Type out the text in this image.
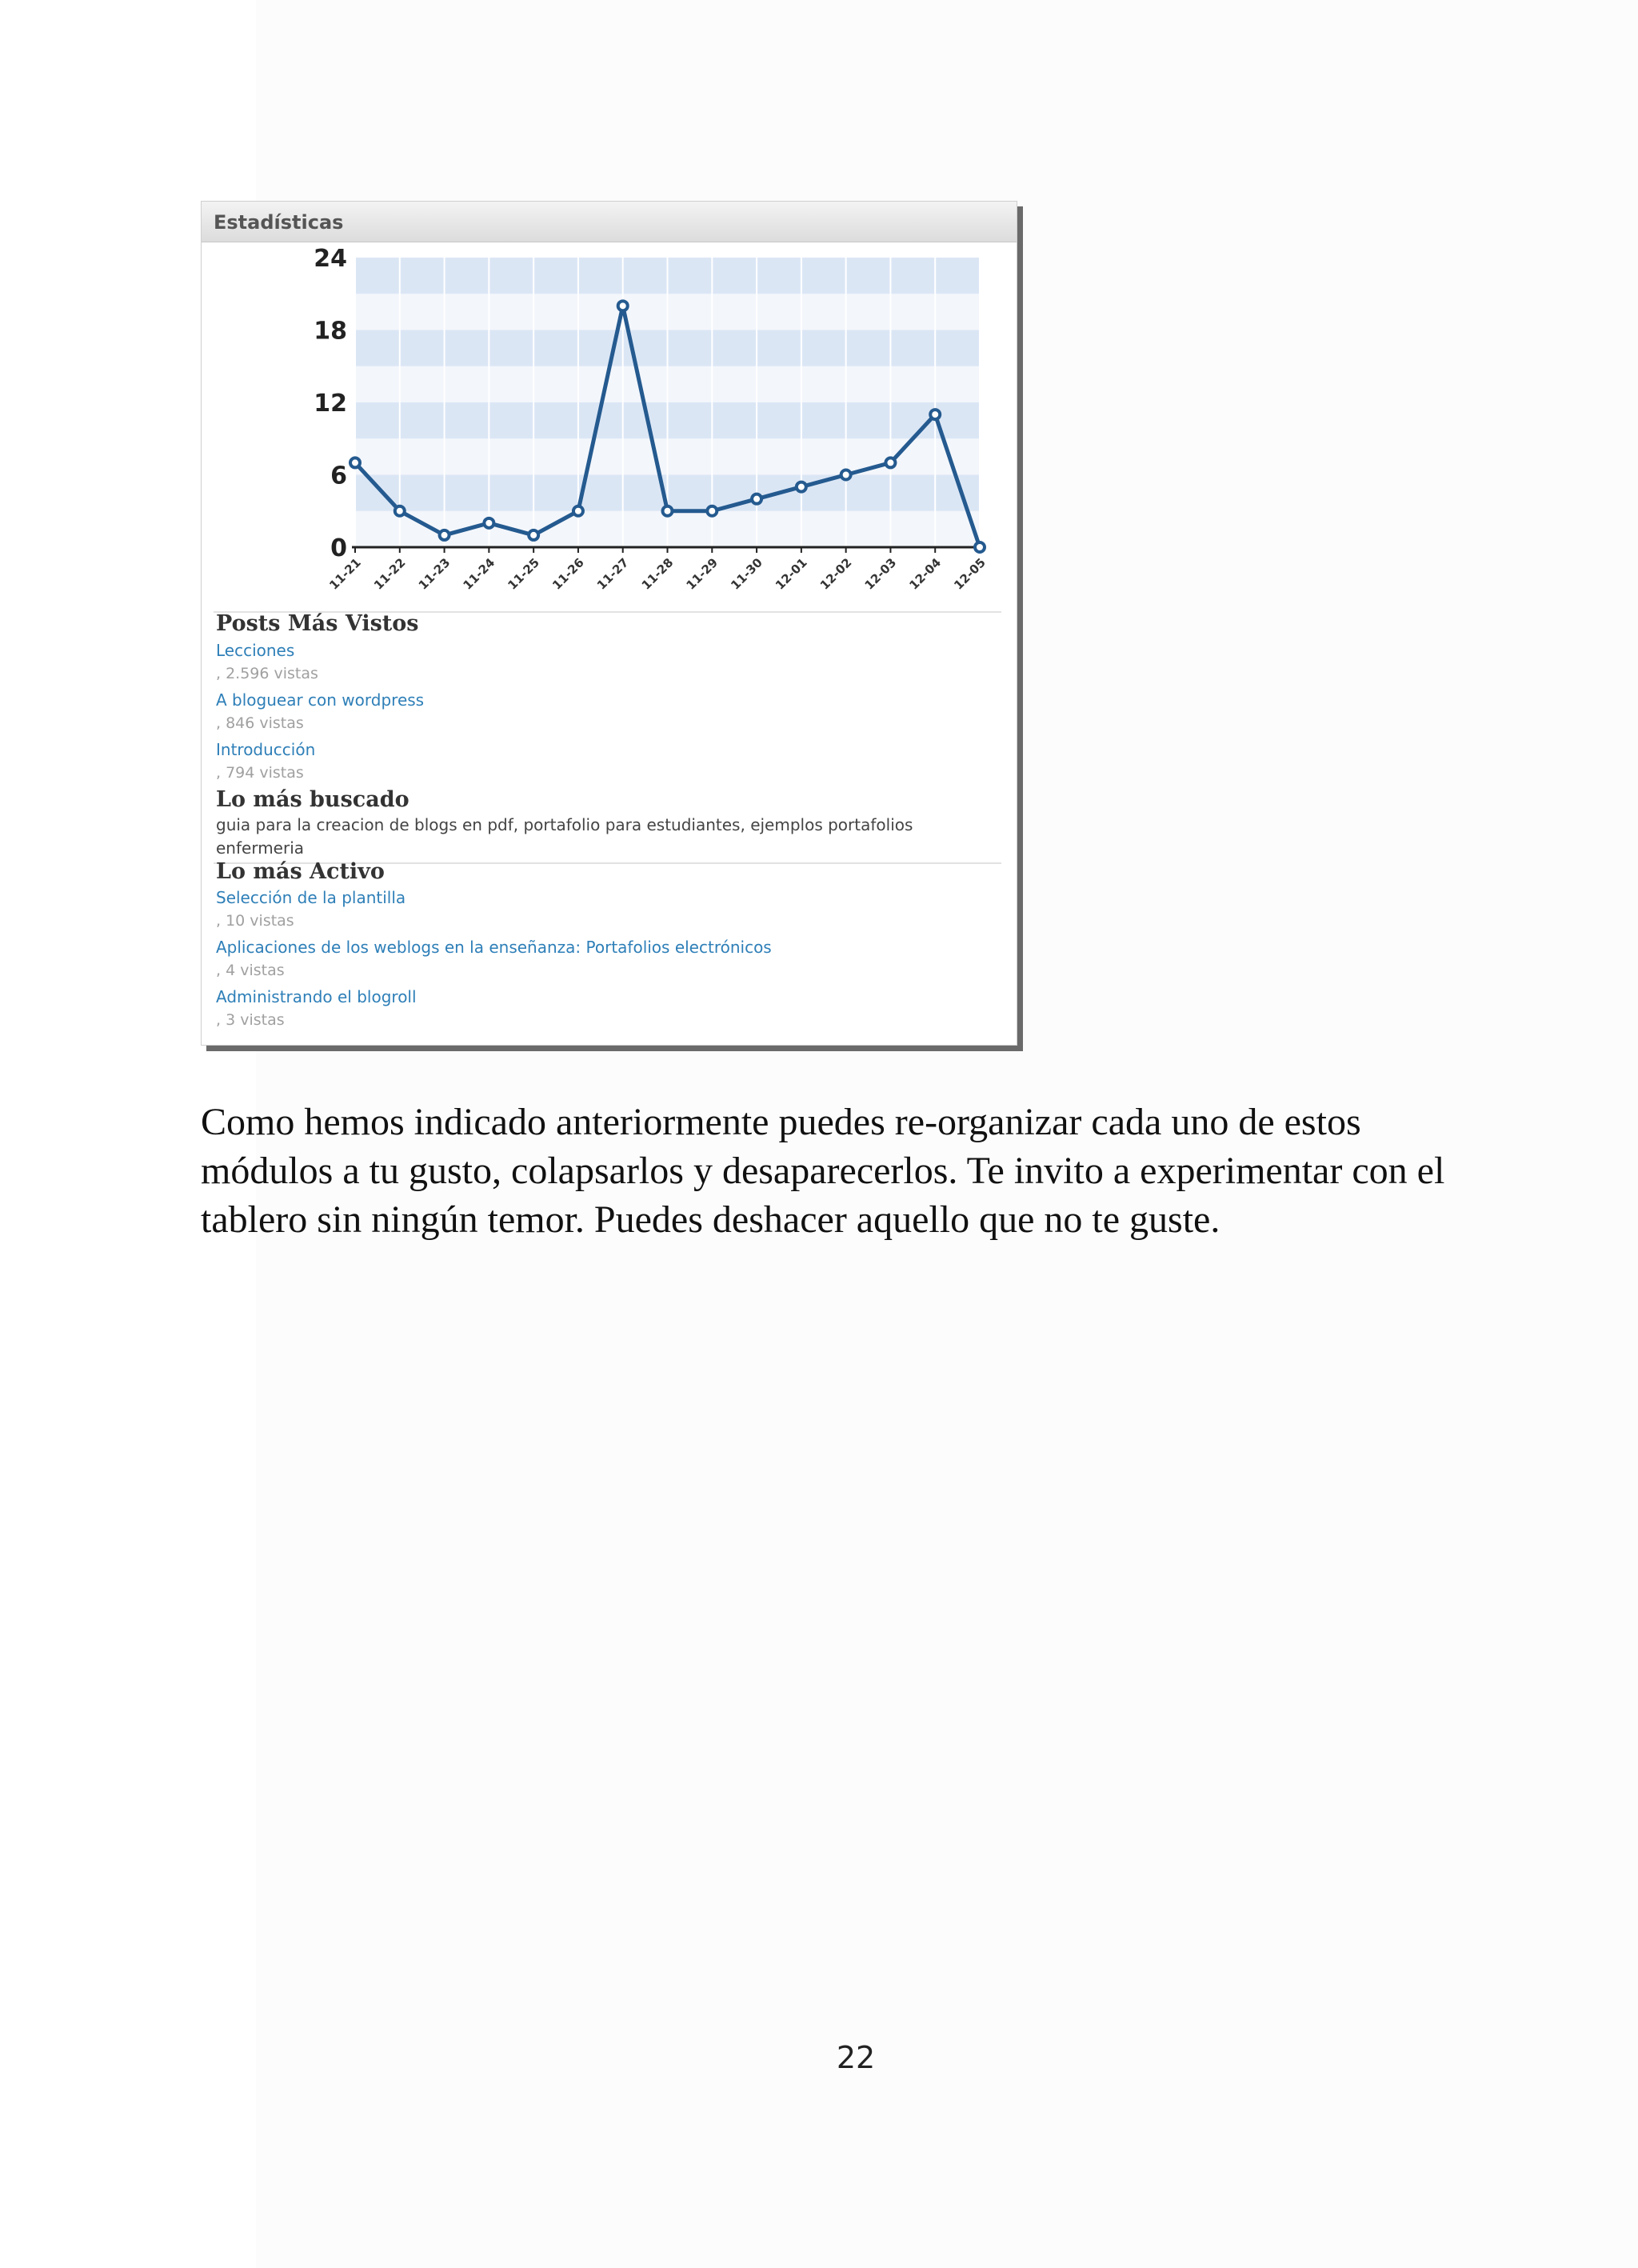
Estadísticas
0
6
12
18
24
11-21 11-22 11-23 11-24 11-25 11-26 11-27 11-28 11-29 11-30 12-01 12-02 12-03 12-04 12-05
Posts Más Vistos
Lecciones
, 2.596 vistas
A bloguear con wordpress
, 846 vistas
Introducción
, 794 vistas
Lo más buscado
guia para la creacion de blogs en pdf, portafolio para estudiantes, ejemplos portafolios enfermeria
Lo más Activo
Selección de la plantilla
, 10 vistas
Aplicaciones de los weblogs en la enseñanza: Portafolios electrónicos
, 4 vistas
Administrando el blogroll
, 3 vistas

Como hemos indicado anteriormente puedes re-organizar cada uno de estos módulos a tu gusto, colapsarlos y desaparecerlos. Te invito a experimentar con el tablero sin ningún temor. Puedes deshacer aquello que no te guste.

22
